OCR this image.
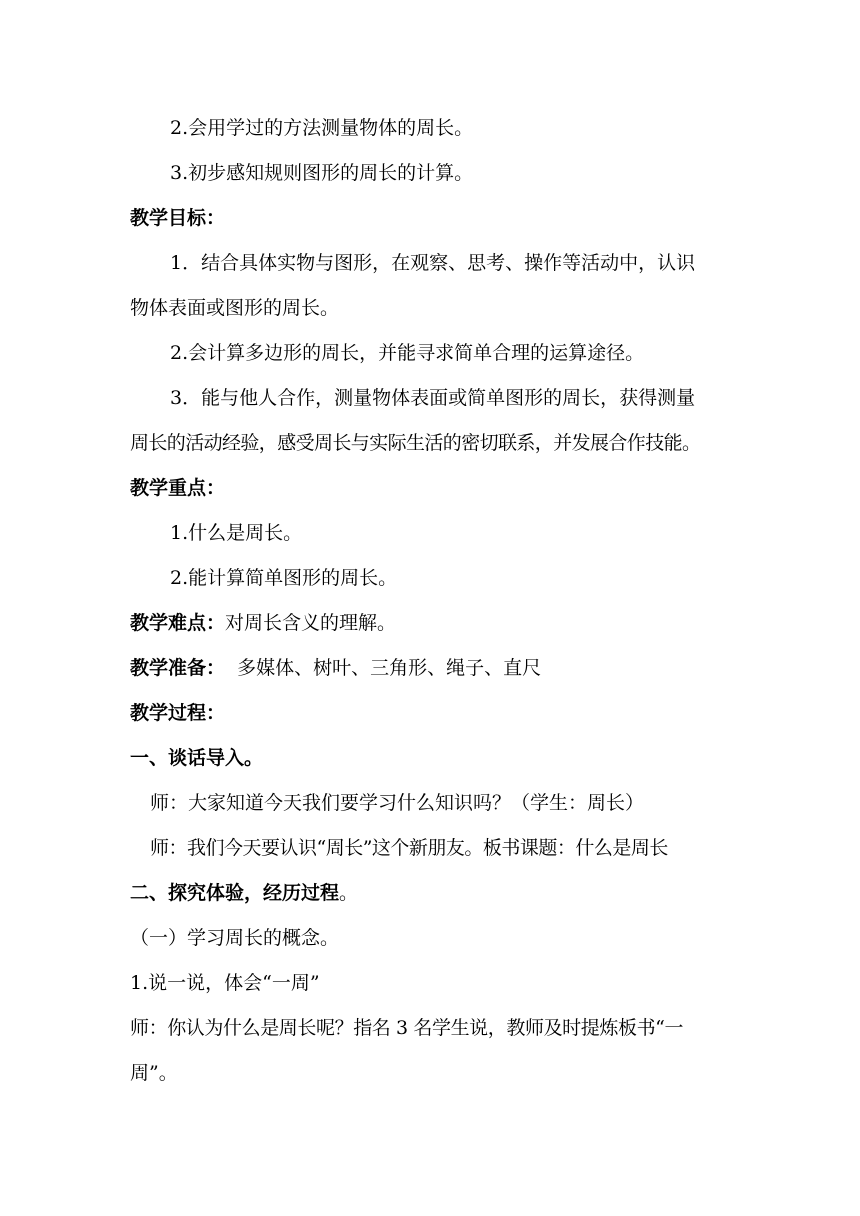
2.会用学过的方法测量物体的周长。
3.初步感知规则图形的周长的计算。
教学目标：
1．结合具体实物与图形，在观察、思考、操作等活动中，认识
物体表面或图形的周长。
2.会计算多边形的周长，并能寻求简单合理的运算途径。
3．能与他人合作，测量物体表面或简单图形的周长，获得测量
周长的活动经验，感受周长与实际生活的密切联系，并发展合作技能。
教学重点：
1.什么是周长。
2.能计算简单图形的周长。
教学难点：对周长含义的理解。
教学准备：  多媒体、树叶、三角形、绳子、直尺
教学过程：
一、谈话导入。
师：大家知道今天我们要学习什么知识吗？（学生：周长）
师：我们今天要认识“周长”这个新朋友。板书课题：什么是周长
二、探究体验，经历过程。
（一）学习周长的概念。
1.说一说，体会“一周”
师：你认为什么是周长呢？指名 3 名学生说，教师及时提炼板书“一
周”。
